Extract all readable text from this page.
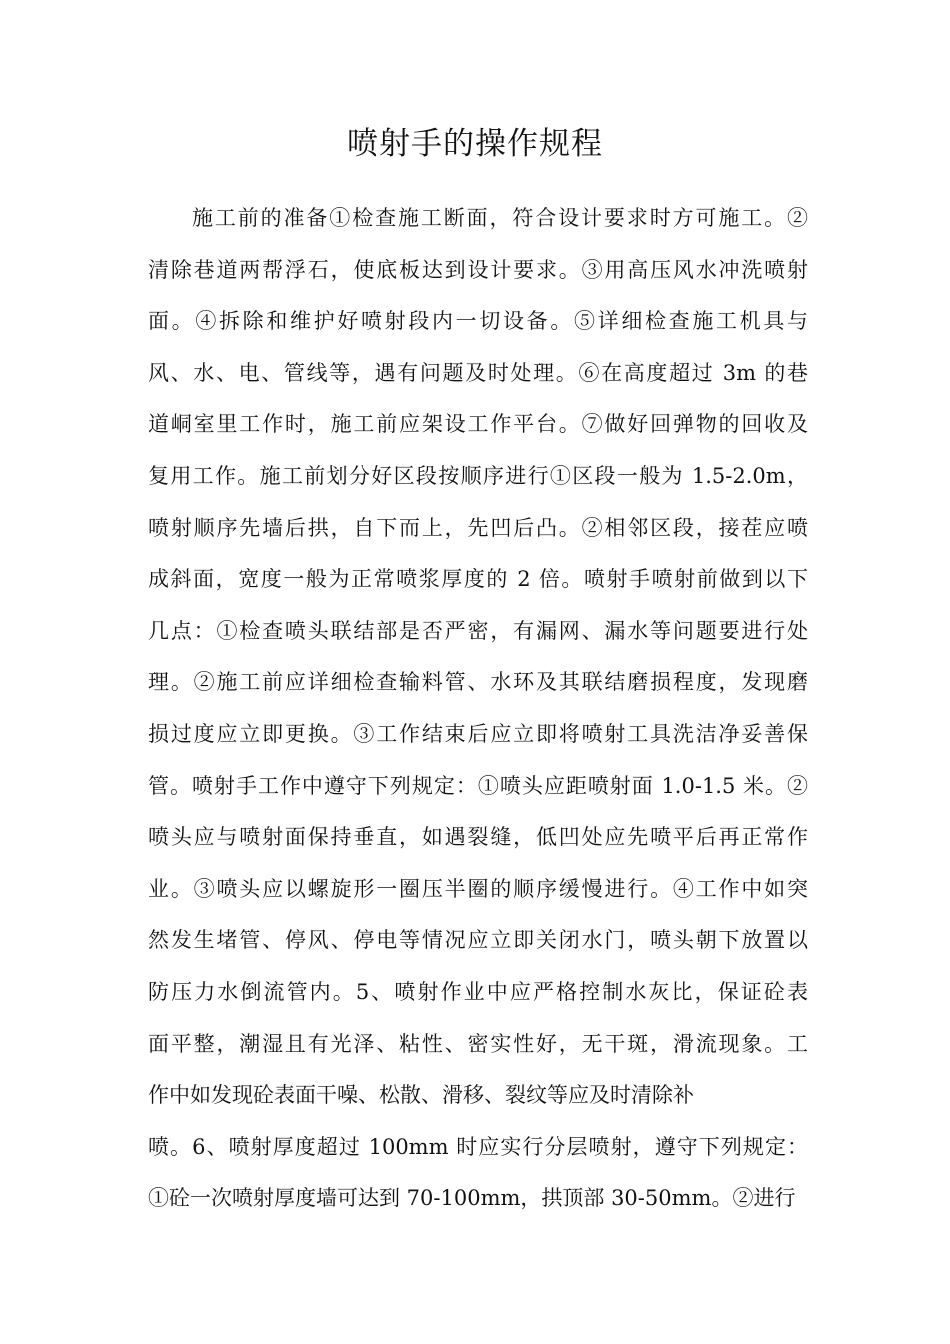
喷射手的操作规程
施工前的准备①检查施工断面，符合设计要求时方可施工。②
清除巷道两帮浮石，使底板达到设计要求。③用高压风水冲洗喷射
面。④拆除和维护好喷射段内一切设备。⑤详细检查施工机具与
风、水、电、管线等，遇有问题及时处理。⑥在高度超过 3m 的巷
道峒室里工作时，施工前应架设工作平台。⑦做好回弹物的回收及
复用工作。施工前划分好区段按顺序进行①区段一般为 1.5-2.0m，
喷射顺序先墙后拱，自下而上，先凹后凸。②相邻区段，接茬应喷
成斜面，宽度一般为正常喷浆厚度的 2 倍。喷射手喷射前做到以下
几点：①检查喷头联结部是否严密，有漏网、漏水等问题要进行处
理。②施工前应详细检查输料管、水环及其联结磨损程度，发现磨
损过度应立即更换。③工作结束后应立即将喷射工具洗洁净妥善保
管。喷射手工作中遵守下列规定：①喷头应距喷射面 1.0-1.5 米。②
喷头应与喷射面保持垂直，如遇裂缝，低凹处应先喷平后再正常作
业。③喷头应以螺旋形一圈压半圈的顺序缓慢进行。④工作中如突
然发生堵管、停风、停电等情况应立即关闭水门，喷头朝下放置以
防压力水倒流管内。5、喷射作业中应严格控制水灰比，保证砼表
面平整，潮湿且有光泽、粘性、密实性好，无干斑，滑流现象。工
作中如发现砼表面干噪、松散、滑移、裂纹等应及时清除补
喷。6、喷射厚度超过 100mm 时应实行分层喷射，遵守下列规定：
①砼一次喷射厚度墙可达到 70-100mm，拱顶部 30-50mm。②进行
